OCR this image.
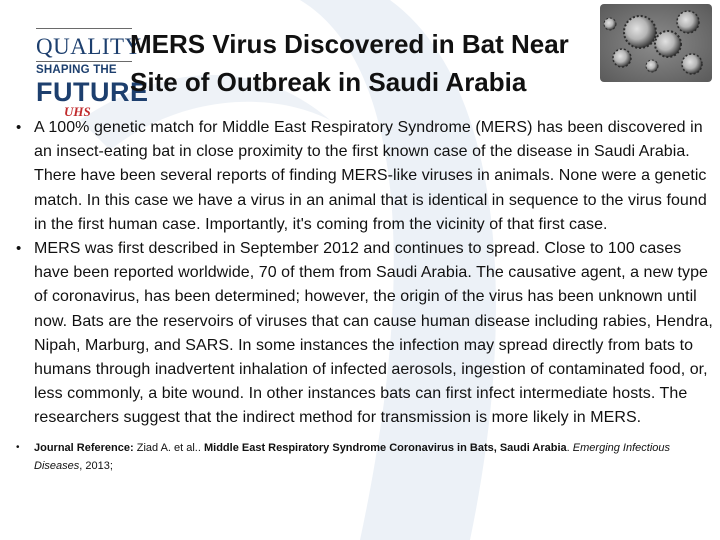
QUALITY
SHAPING THE
FUTURE
UHS
MERS Virus Discovered in Bat Near Site of Outbreak in Saudi Arabia
• A 100% genetic match for Middle East Respiratory Syndrome (MERS) has been discovered in an insect-eating bat in close proximity to the first known case of the disease in Saudi Arabia. There have been several reports of finding MERS-like viruses in animals. None were a genetic match. In this case we have a virus in an animal that is identical in sequence to the virus found in the first human case. Importantly, it's coming from the vicinity of that first case.
• MERS was first described in September 2012 and continues to spread. Close to 100 cases have been reported worldwide, 70 of them from Saudi Arabia. The causative agent, a new type of coronavirus, has been determined; however, the origin of the virus has been unknown until now. Bats are the reservoirs of viruses that can cause human disease including rabies, Hendra, Nipah, Marburg, and SARS. In some instances the infection may spread directly from bats to humans through inadvertent inhalation of infected aerosols, ingestion of contaminated food, or, less commonly, a bite wound. In other instances bats can first infect intermediate hosts. The researchers suggest that the indirect method for transmission is more likely in MERS.
• Journal Reference: Ziad A. et al.. Middle East Respiratory Syndrome Coronavirus in Bats, Saudi Arabia. Emerging Infectious Diseases, 2013;
